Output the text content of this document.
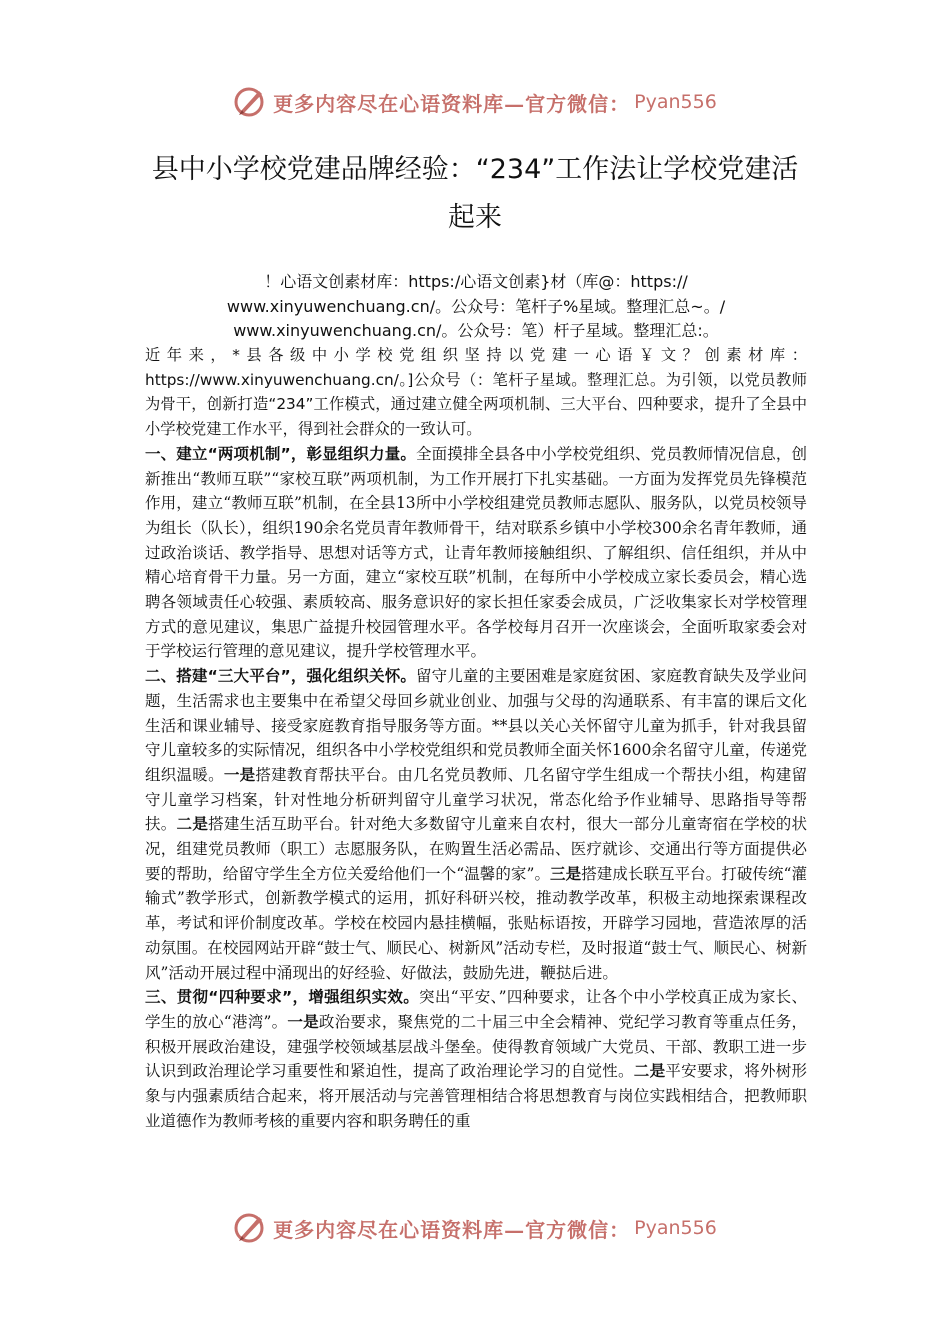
更多内容尽在心语资料库—官方微信： Pyan556
县中小学校党建品牌经验：“234”工作法让学校党建活起来
！心语文创素材库：https:/心语文创素}材（库@：https://
www.xinyuwenchuang.cn/。公众号：笔杆子%星域。整理汇总~。/
www.xinyuwenchuang.cn/。公众号：笔）杆子星域。整理汇总:。

近年来，*县各级中小学校党组织坚持以党建一心语￥文？创素材库：https://www.xinyuwenchuang.cn/。]公众号（：笔杆子星域。整理汇总。为引领，以党员教师为骨干，创新打造“234”工作模式，通过建立健全两项机制、三大平台、四种要求，提升了全县中小学校党建工作水平，得到社会群众的一致认可。

一、建立“两项机制”，彰显组织力量。全面摸排全县各中小学校党组织、党员教师情况信息，创新推出“教师互联”“家校互联”两项机制，为工作开展打下扎实基础。一方面为发挥党员先锋模范作用，建立“教师互联”机制，在全县13所中小学校组建党员教师志愿队、服务队，以党员校领导为组长（队长），组织190余名党员青年教师骨干，结对联系乡镇中小学校300余名青年教师，通过政治谈话、教学指导、思想对话等方式，让青年教师接触组织、了解组织、信任组织，并从中精心培育骨干力量。另一方面，建立“家校互联”机制，在每所中小学校成立家长委员会，精心选聘各领域责任心较强、素质较高、服务意识好的家长担任家委会成员，广泛收集家长对学校管理方式的意见建议，集思广益提升校园管理水平。各学校每月召开一次座谈会，全面听取家委会对于学校运行管理的意见建议，提升学校管理水平。

二、搭建“三大平台”，强化组织关怀。留守儿童的主要困难是家庭贫困、家庭教育缺失及学业问题，生活需求也主要集中在希望父母回乡就业创业、加强与父母的沟通联系、有丰富的课后文化生活和课业辅导、接受家庭教育指导服务等方面。**县以关心关怀留守儿童为抓手，针对我县留守儿童较多的实际情况，组织各中小学校党组织和党员教师全面关怀1600余名留守儿童，传递党组织温暖。一是搭建教育帮扶平台。由几名党员教师、几名留守学生组成一个帮扶小组，构建留守儿童学习档案，针对性地分析研判留守儿童学习状况，常态化给予作业辅导、思路指导等帮扶。二是搭建生活互助平台。针对绝大多数留守儿童来自农村，很大一部分儿童寄宿在学校的状况，组建党员教师（职工）志愿服务队，在购置生活必需品、医疗就诊、交通出行等方面提供必要的帮助，给留守学生全方位关爱给他们一个“温馨的家”。三是搭建成长联互平台。打破传统“灌输式”教学形式，创新教学模式的运用，抓好科研兴校，推动教学改革，积极主动地探索课程改革，考试和评价制度改革。学校在校园内悬挂横幅，张贴标语按，开辟学习园地，营造浓厚的活动氛围。在校园网站开辟“鼓士气、顺民心、树新风”活动专栏，及时报道“鼓士气、顺民心、树新风”活动开展过程中涌现出的好经验、好做法，鼓励先进，鞭挞后进。

三、贯彻“四种要求”，增强组织实效。突出“平安、”四种要求，让各个中小学校真正成为家长、学生的放心“港湾”。一是政治要求，聚焦党的二十届三中全会精神、党纪学习教育等重点任务，积极开展政治建设，建强学校领域基层战斗堡垒。使得教育领域广大党员、干部、教职工进一步认识到政治理论学习重要性和紧迫性，提高了政治理论学习的自觉性。二是平安要求，将外树形象与内强素质结合起来，将开展活动与完善管理相结合将思想教育与岗位实践相结合，把教师职业道德作为教师考核的重要内容和职务聘任的重

更多内容尽在心语资料库—官方微信： Pyan556
